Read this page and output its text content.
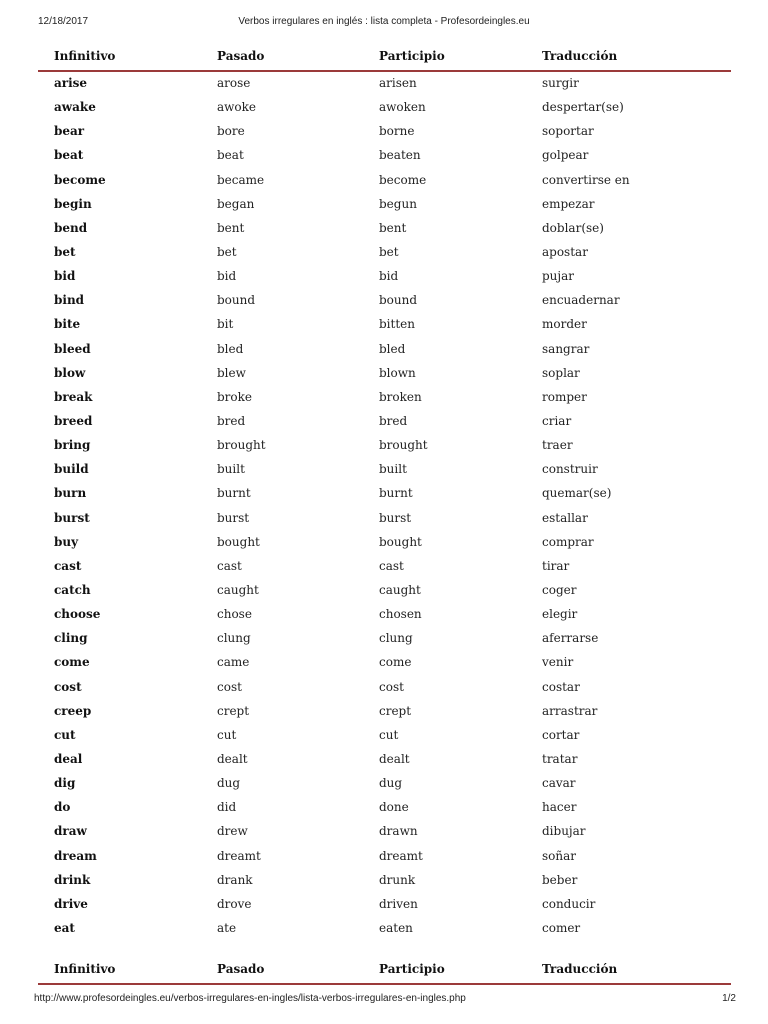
12/18/2017	Verbos irregulares en inglés : lista completa - Profesordeingles.eu
Infinitivo	Pasado	Participio	Traducción
arise	arose	arisen	surgir
awake	awoke	awoken	despertar(se)
bear	bore	borne	soportar
beat	beat	beaten	golpear
become	became	become	convertirse en
begin	began	begun	empezar
bend	bent	bent	doblar(se)
bet	bet	bet	apostar
bid	bid	bid	pujar
bind	bound	bound	encuadernar
bite	bit	bitten	morder
bleed	bled	bled	sangrar
blow	blew	blown	soplar
break	broke	broken	romper
breed	bred	bred	criar
bring	brought	brought	traer
build	built	built	construir
burn	burnt	burnt	quemar(se)
burst	burst	burst	estallar
buy	bought	bought	comprar
cast	cast	cast	tirar
catch	caught	caught	coger
choose	chose	chosen	elegir
cling	clung	clung	aferrarse
come	came	come	venir
cost	cost	cost	costar
creep	crept	crept	arrastrar
cut	cut	cut	cortar
deal	dealt	dealt	tratar
dig	dug	dug	cavar
do	did	done	hacer
draw	drew	drawn	dibujar
dream	dreamt	dreamt	soñar
drink	drank	drunk	beber
drive	drove	driven	conducir
eat	ate	eaten	comer
Infinitivo	Pasado	Participio	Traducción
http://www.profesordeingles.eu/verbos-irregulares-en-ingles/lista-verbos-irregulares-en-ingles.php	1/2
